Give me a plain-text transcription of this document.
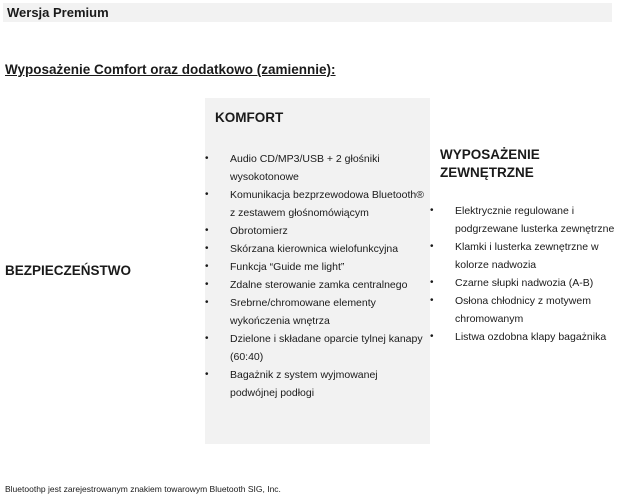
Wersja Premium
Wyposażenie Comfort oraz dodatkowo (zamiennie):
BEZPIECZEŃSTWO
KOMFORT
• Audio CD/MP3/USB + 2 głośniki wysokotonowe
• Komunikacja bezprzewodowa Bluetooth® z zestawem głośnomówiącym
• Obrotomierz
• Skórzana kierownica wielofunkcyjna
• Funkcja “Guide me light”
• Zdalne sterowanie zamka centralnego
• Srebrne/chromowane elementy wykończenia wnętrza
• Dzielone i składane oparcie tylnej kanapy (60:40)
• Bagażnik z system wyjmowanej podwójnej podłogi
WYPOSAŻENIE ZEWNĘTRZNE
• Elektrycznie regulowane i podgrzewane lusterka zewnętrzne
• Klamki i lusterka zewnętrzne w kolorze nadwozia
• Czarne słupki nadwozia (A-B)
• Osłona chłodnicy z motywem chromowanym
• Listwa ozdobna klapy bagażnika
Bluetoothp jest zarejestrowanym znakiem towarowym Bluetooth SIG, Inc.
